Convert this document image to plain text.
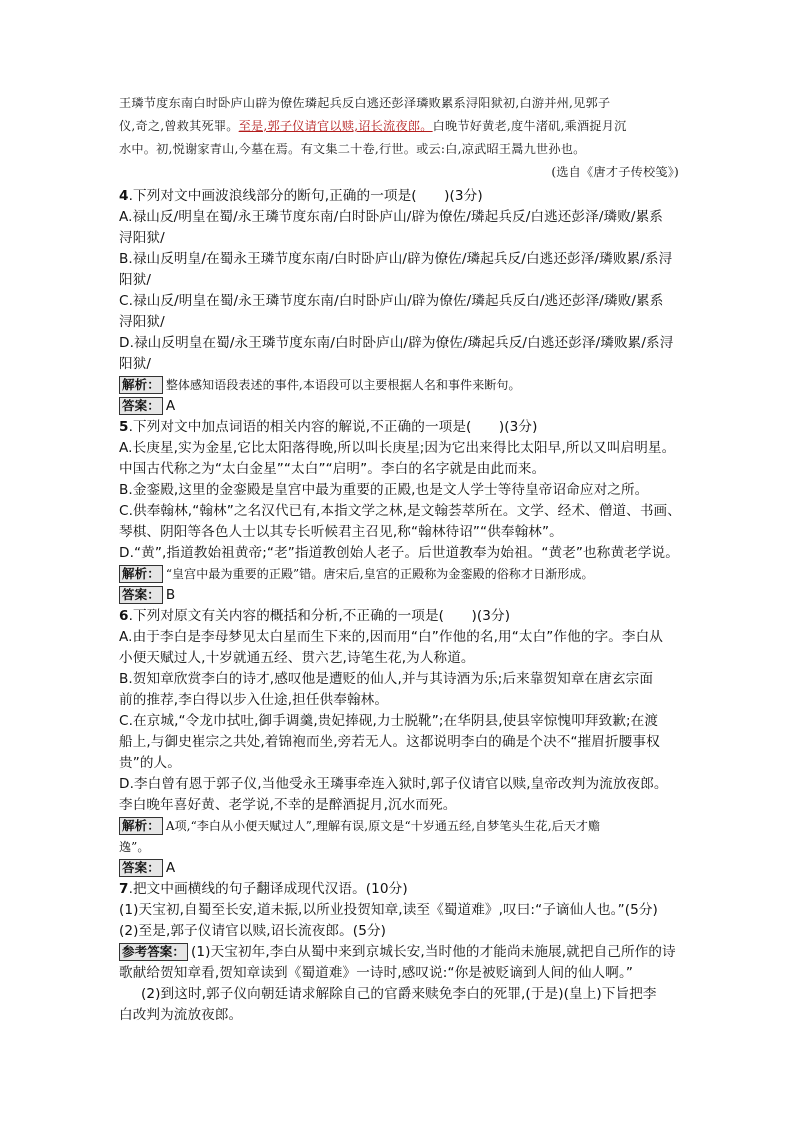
王璘节度东南白时卧庐山辟为僚佐璘起兵反白逃还彭泽璘败累系浔阳狱初,白游并州,见郭子
仪,奇之,曾救其死罪。至是,郭子仪请官以赎,诏长流夜郎。白晚节好黄老,度牛渚矶,乘酒捉月沉
水中。初,悦谢家青山,今墓在焉。有文集二十卷,行世。或云:白,凉武昭王暠九世孙也。
(选自《唐才子传校笺》)
4.下列对文中画波浪线部分的断句,正确的一项是(　　)(3分)
A.禄山反/明皇在蜀/永王璘节度东南/白时卧庐山/辟为僚佐/璘起兵反/白逃还彭泽/璘败/累系
浔阳狱/
B.禄山反明皇/在蜀永王璘节度东南/白时卧庐山/辟为僚佐/璘起兵反/白逃还彭泽/璘败累/系浔
阳狱/
C.禄山反/明皇在蜀/永王璘节度东南/白时卧庐山/辟为僚佐/璘起兵反白/逃还彭泽/璘败/累系
浔阳狱/
D.禄山反明皇在蜀/永王璘节度东南/白时卧庐山/辟为僚佐/璘起兵反/白逃还彭泽/璘败累/系浔
阳狱/
解析： 整体感知语段表述的事件,本语段可以主要根据人名和事件来断句。
答案： A
5.下列对文中加点词语的相关内容的解说,不正确的一项是(　　)(3分)
A.长庚星,实为金星,它比太阳落得晚,所以叫长庚星;因为它出来得比太阳早,所以又叫启明星。
中国古代称之为“太白金星”“太白”“启明”。李白的名字就是由此而来。
B.金銮殿,这里的金銮殿是皇宫中最为重要的正殿,也是文人学士等待皇帝诏命应对之所。
C.供奉翰林,“翰林”之名汉代已有,本指文学之林,是文翰荟萃所在。文学、经术、僧道、书画、
琴棋、阴阳等各色人士以其专长听候君主召见,称“翰林待诏”“供奉翰林”。
D.“黄”,指道教始祖黄帝;“老”指道教创始人老子。后世道教奉为始祖。“黄老”也称黄老学说。
解析： “皇宫中最为重要的正殿”错。唐宋后,皇宫的正殿称为金銮殿的俗称才日渐形成。
答案： B
6.下列对原文有关内容的概括和分析,不正确的一项是(　　)(3分)
A.由于李白是李母梦见太白星而生下来的,因而用“白”作他的名,用“太白”作他的字。李白从
小便天赋过人,十岁就通五经、贯六艺,诗笔生花,为人称道。
B.贺知章欣赏李白的诗才,感叹他是遭贬的仙人,并与其诗酒为乐;后来靠贺知章在唐玄宗面
前的推荐,李白得以步入仕途,担任供奉翰林。
C.在京城,“令龙巾拭吐,御手调羹,贵妃捧砚,力士脱靴”;在华阴县,使县宰惊愧叩拜致歉;在渡
船上,与御史崔宗之共处,着锦袍而坐,旁若无人。这都说明李白的确是个决不“摧眉折腰事权
贵”的人。
D.李白曾有恩于郭子仪,当他受永王璘事牵连入狱时,郭子仪请官以赎,皇帝改判为流放夜郎。
李白晚年喜好黄、老学说,不幸的是醉酒捉月,沉水而死。
解析： A项,“李白从小便天赋过人”,理解有误,原文是“十岁通五经,自梦笔头生花,后天才赡
逸”。
答案： A
7.把文中画横线的句子翻译成现代汉语。(10分)
(1)天宝初,自蜀至长安,道未振,以所业投贺知章,读至《蜀道难》,叹曰:“子谪仙人也。”(5分)
(2)至是,郭子仪请官以赎,诏长流夜郎。(5分)
参考答案： (1)天宝初年,李白从蜀中来到京城长安,当时他的才能尚未施展,就把自己所作的诗
歌献给贺知章看,贺知章读到《蜀道难》一诗时,感叹说:“你是被贬谪到人间的仙人啊。”
(2)到这时,郭子仪向朝廷请求解除自己的官爵来赎免李白的死罪,(于是)(皇上)下旨把李
白改判为流放夜郎。
